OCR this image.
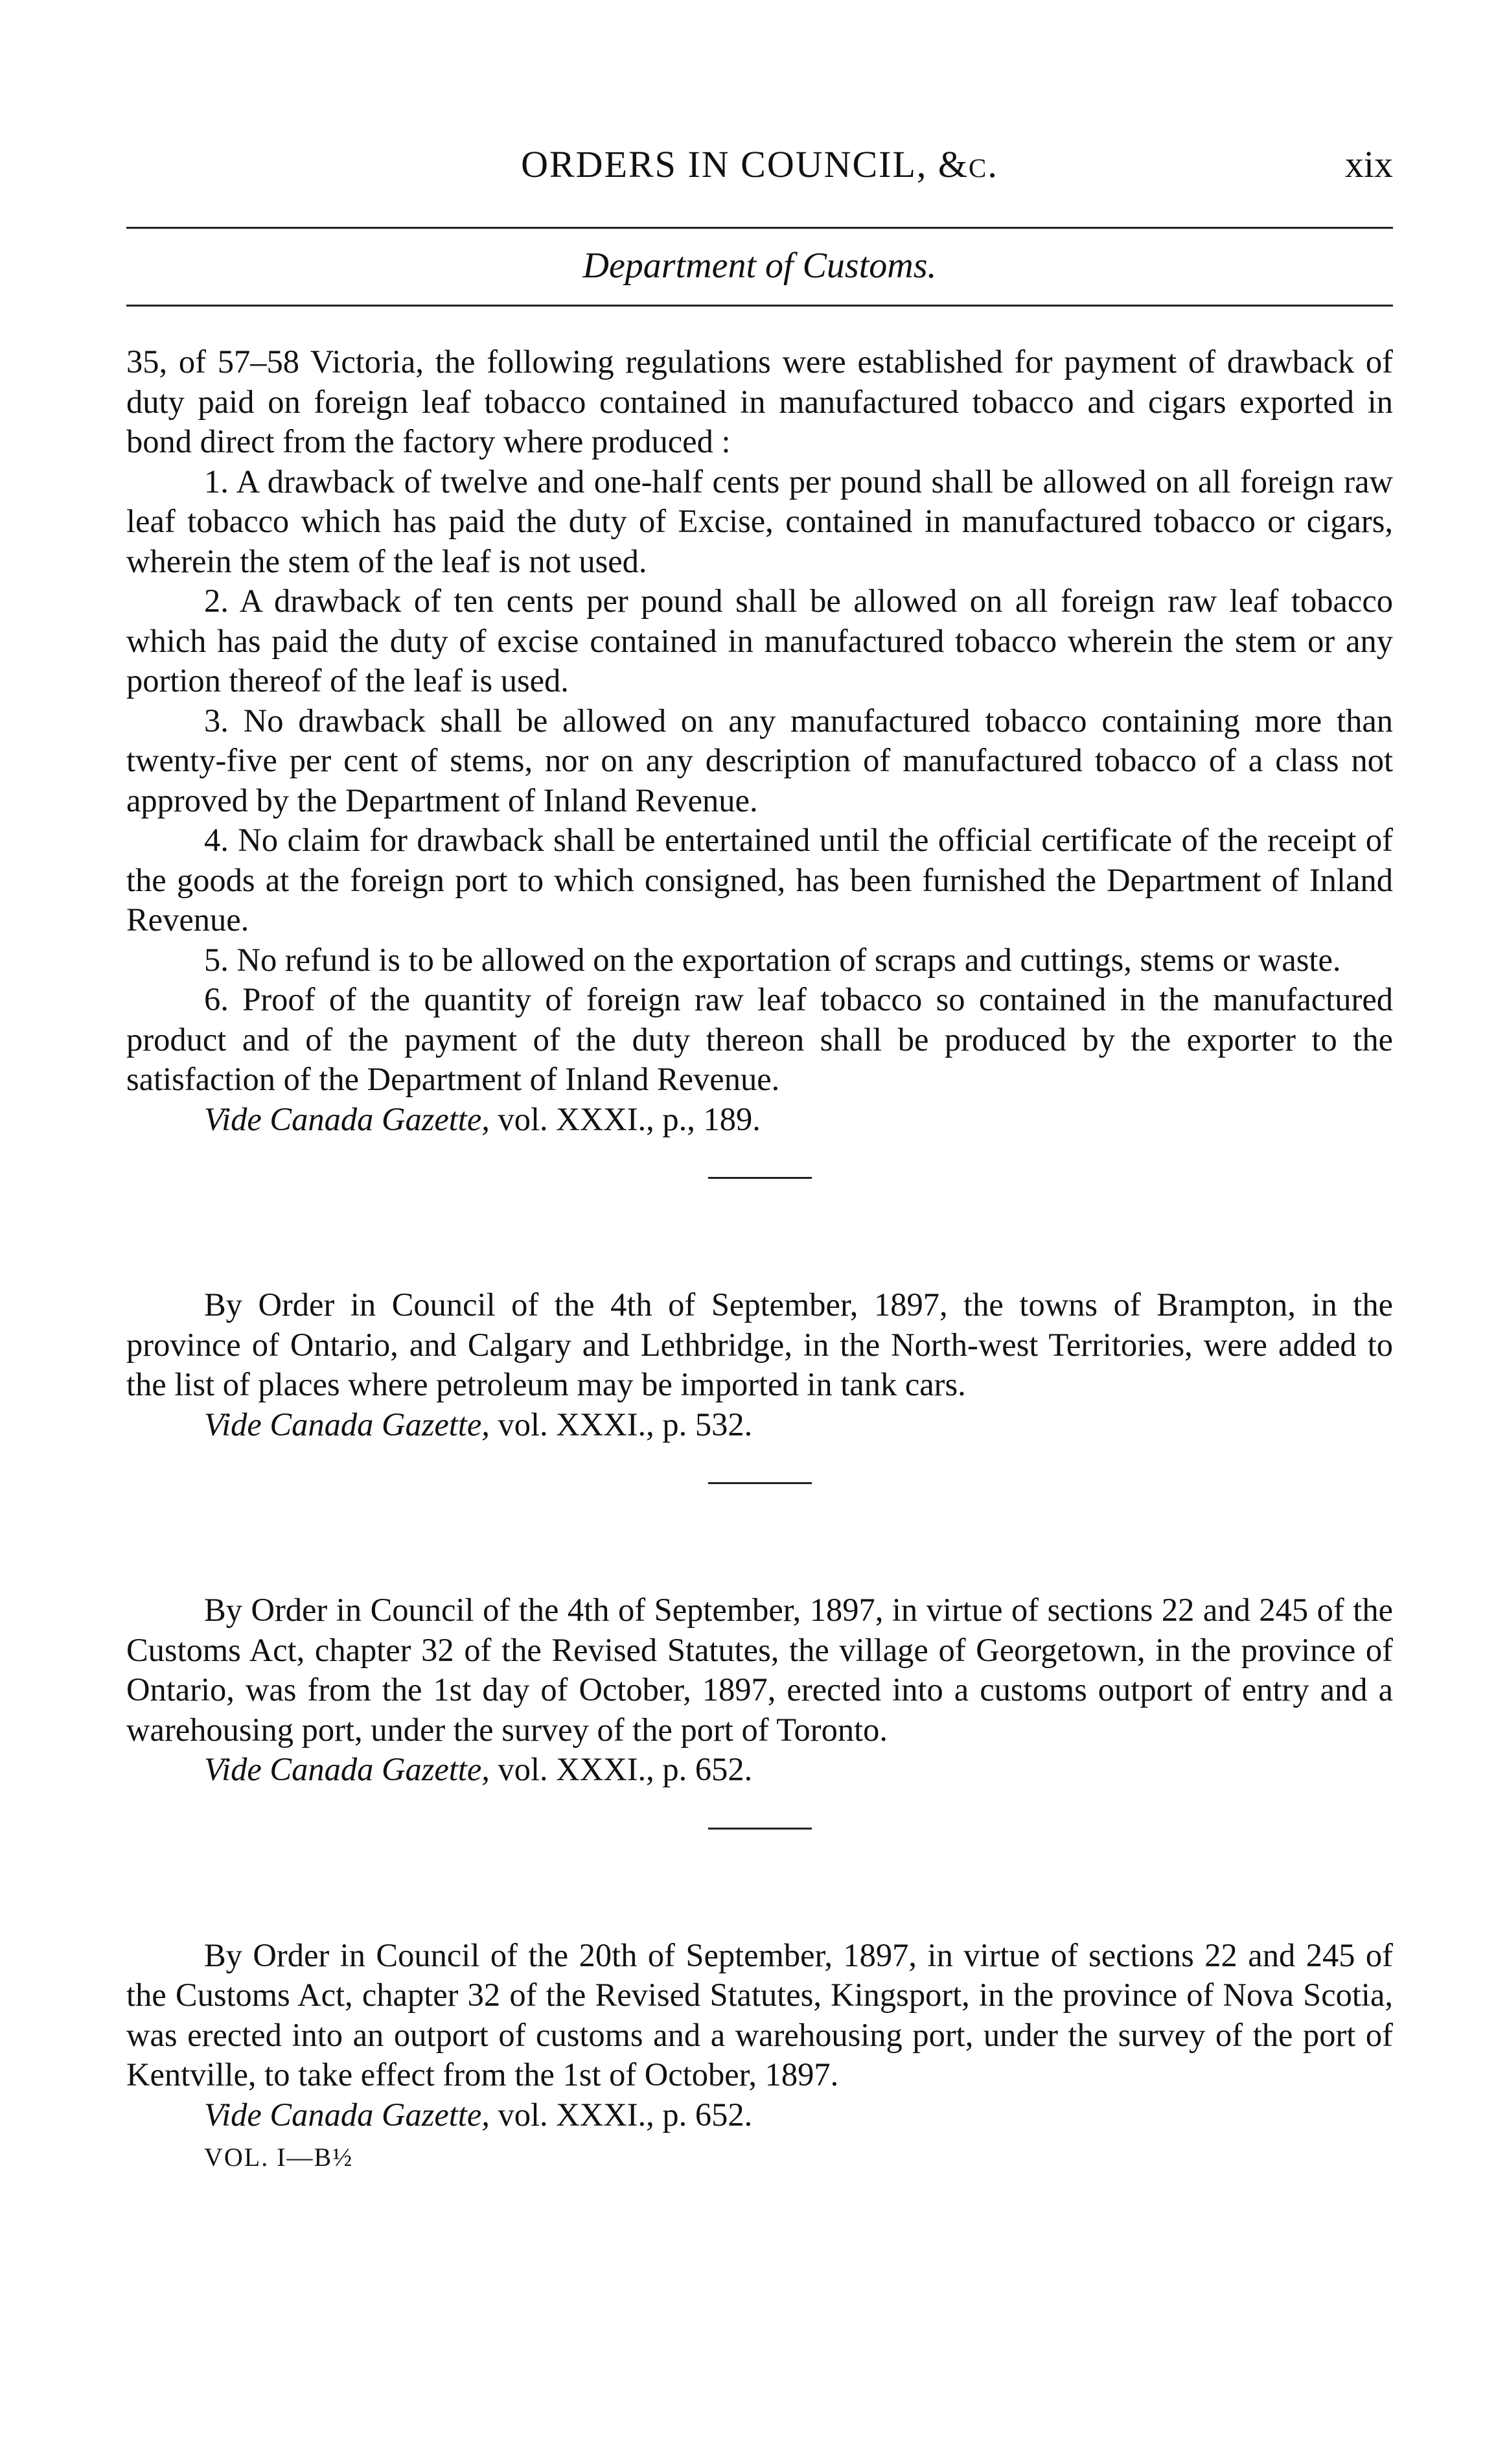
ORDERS IN COUNCIL, &c.	xix
Department of Customs.

35, of 57–58 Victoria, the following regulations were established for payment of drawback of duty paid on foreign leaf tobacco contained in manufactured tobacco and cigars exported in bond direct from the factory where produced :

1. A drawback of twelve and one-half cents per pound shall be allowed on all foreign raw leaf tobacco which has paid the duty of Excise, contained in manufactured tobacco or cigars, wherein the stem of the leaf is not used.

2. A drawback of ten cents per pound shall be allowed on all foreign raw leaf tobacco which has paid the duty of excise contained in manufactured tobacco wherein the stem or any portion thereof of the leaf is used.

3. No drawback shall be allowed on any manufactured tobacco containing more than twenty-five per cent of stems, nor on any description of manufactured tobacco of a class not approved by the Department of Inland Revenue.

4. No claim for drawback shall be entertained until the official certificate of the receipt of the goods at the foreign port to which consigned, has been furnished the Department of Inland Revenue.

5. No refund is to be allowed on the exportation of scraps and cuttings, stems or waste.

6. Proof of the quantity of foreign raw leaf tobacco so contained in the manufactured product and of the payment of the duty thereon shall be produced by the exporter to the satisfaction of the Department of Inland Revenue.

Vide Canada Gazette, vol. XXXI., p., 189.

By Order in Council of the 4th of September, 1897, the towns of Brampton, in the province of Ontario, and Calgary and Lethbridge, in the North-west Territories, were added to the list of places where petroleum may be imported in tank cars.

Vide Canada Gazette, vol. XXXI., p. 532.

By Order in Council of the 4th of September, 1897, in virtue of sections 22 and 245 of the Customs Act, chapter 32 of the Revised Statutes, the village of Georgetown, in the province of Ontario, was from the 1st day of October, 1897, erected into a customs outport of entry and a warehousing port, under the survey of the port of Toronto.

Vide Canada Gazette, vol. XXXI., p. 652.

By Order in Council of the 20th of September, 1897, in virtue of sections 22 and 245 of the Customs Act, chapter 32 of the Revised Statutes, Kingsport, in the province of Nova Scotia, was erected into an outport of customs and a warehousing port, under the survey of the port of Kentville, to take effect from the 1st of October, 1897.

Vide Canada Gazette, vol. XXXI., p. 652.

VOL. I—B½
